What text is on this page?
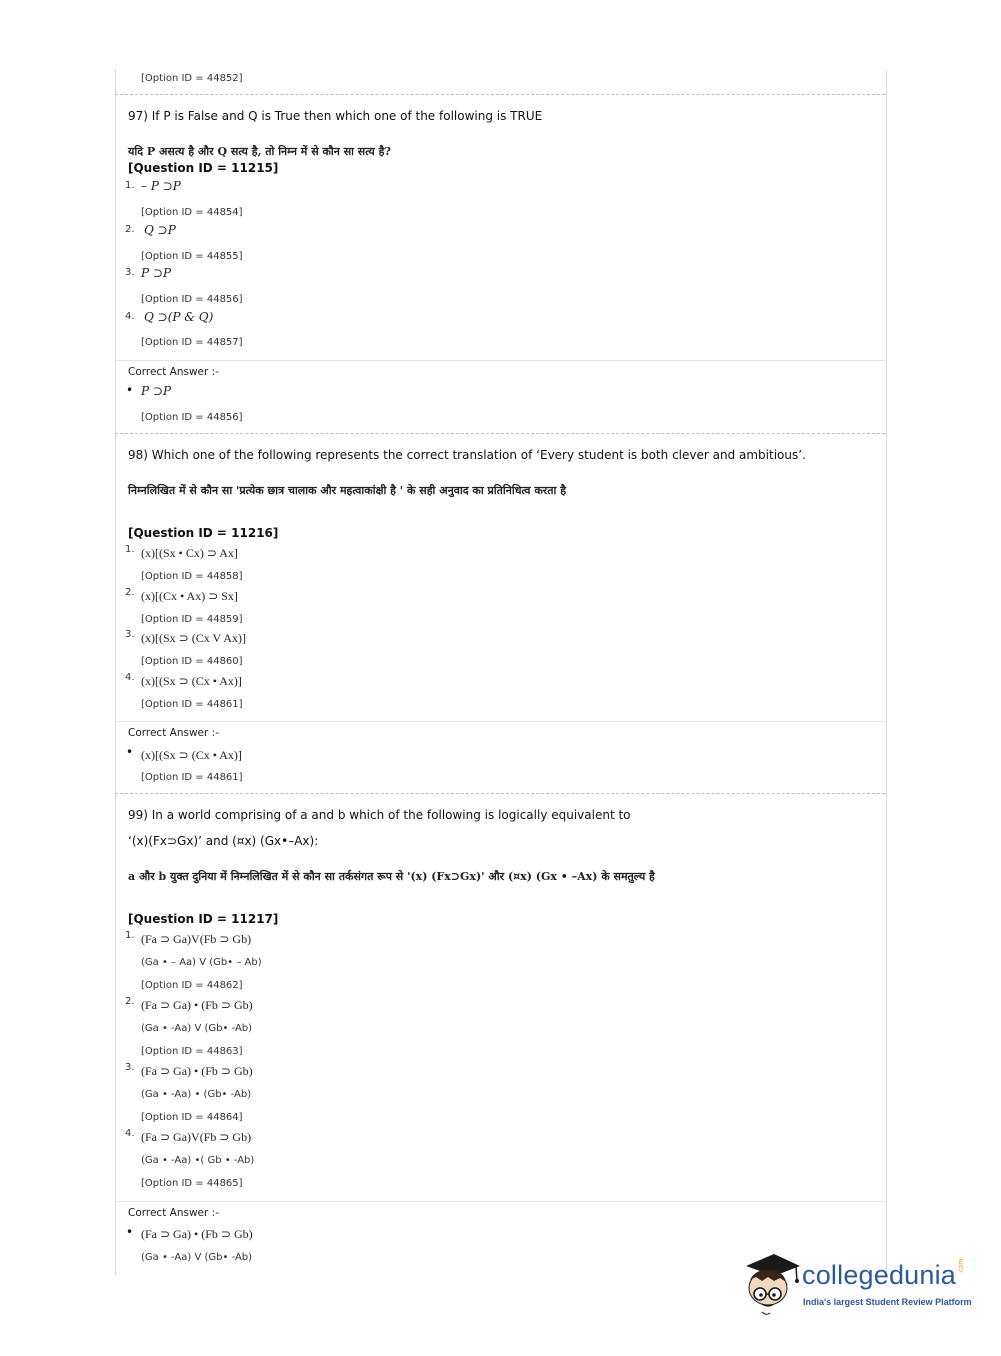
[Option ID = 44852]
97) If P is False and Q is True then which one of the following is TRUE
यदि P असत्य है और Q सत्य है, तो निम्न में से कौन सा सत्य है?
[Question ID = 11215]
1. – P ⊃P
[Option ID = 44854]
2. Q ⊃P
[Option ID = 44855]
3. P ⊃P
[Option ID = 44856]
4. Q ⊃(P & Q)
[Option ID = 44857]
Correct Answer :-
• P ⊃P
[Option ID = 44856]
98) Which one of the following represents the correct translation of ‘Every student is both clever and ambitious’.
निम्नलिखित में से कौन सा 'प्रत्येक छात्र चालाक और महत्वाकांक्षी है ' के सही अनुवाद का प्रतिनिधित्व करता है
[Question ID = 11216]
1. (x)[(Sx • Cx) ⊃ Ax]
[Option ID = 44858]
2. (x)[(Cx • Ax) ⊃ Sx]
[Option ID = 44859]
3. (x)[(Sx ⊃ (Cx V Ax)]
[Option ID = 44860]
4. (x)[(Sx ⊃ (Cx • Ax)]
[Option ID = 44861]
Correct Answer :-
• (x)[(Sx ⊃ (Cx • Ax)]
[Option ID = 44861]
99) In a world comprising of a and b which of the following is logically equivalent to
‘(x)(Fx⊃Gx)’ and (¤x) (Gx•–Ax):
a और b युक्त दुनिया में निम्नलिखित में से कौन सा तर्कसंगत रूप से '(x) (Fx⊃Gx)' और (¤x) (Gx • –Ax) के समतुल्य है
[Question ID = 11217]
1. (Fa ⊃ Ga)V(Fb ⊃ Gb)
(Ga • – Aa) V (Gb• – Ab)
[Option ID = 44862]
2. (Fa ⊃ Ga) • (Fb ⊃ Gb)
(Ga • -Aa) V (Gb• -Ab)
[Option ID = 44863]
3. (Fa ⊃ Ga) • (Fb ⊃ Gb)
(Ga • -Aa) • (Gb• -Ab)
[Option ID = 44864]
4. (Fa ⊃ Ga)V(Fb ⊃ Gb)
(Ga • -Aa) •( Gb • -Ab)
[Option ID = 44865]
Correct Answer :-
• (Fa ⊃ Ga) • (Fb ⊃ Gb)
(Ga • -Aa) V (Gb• -Ab)
collegedunia .com
India's largest Student Review Platform
